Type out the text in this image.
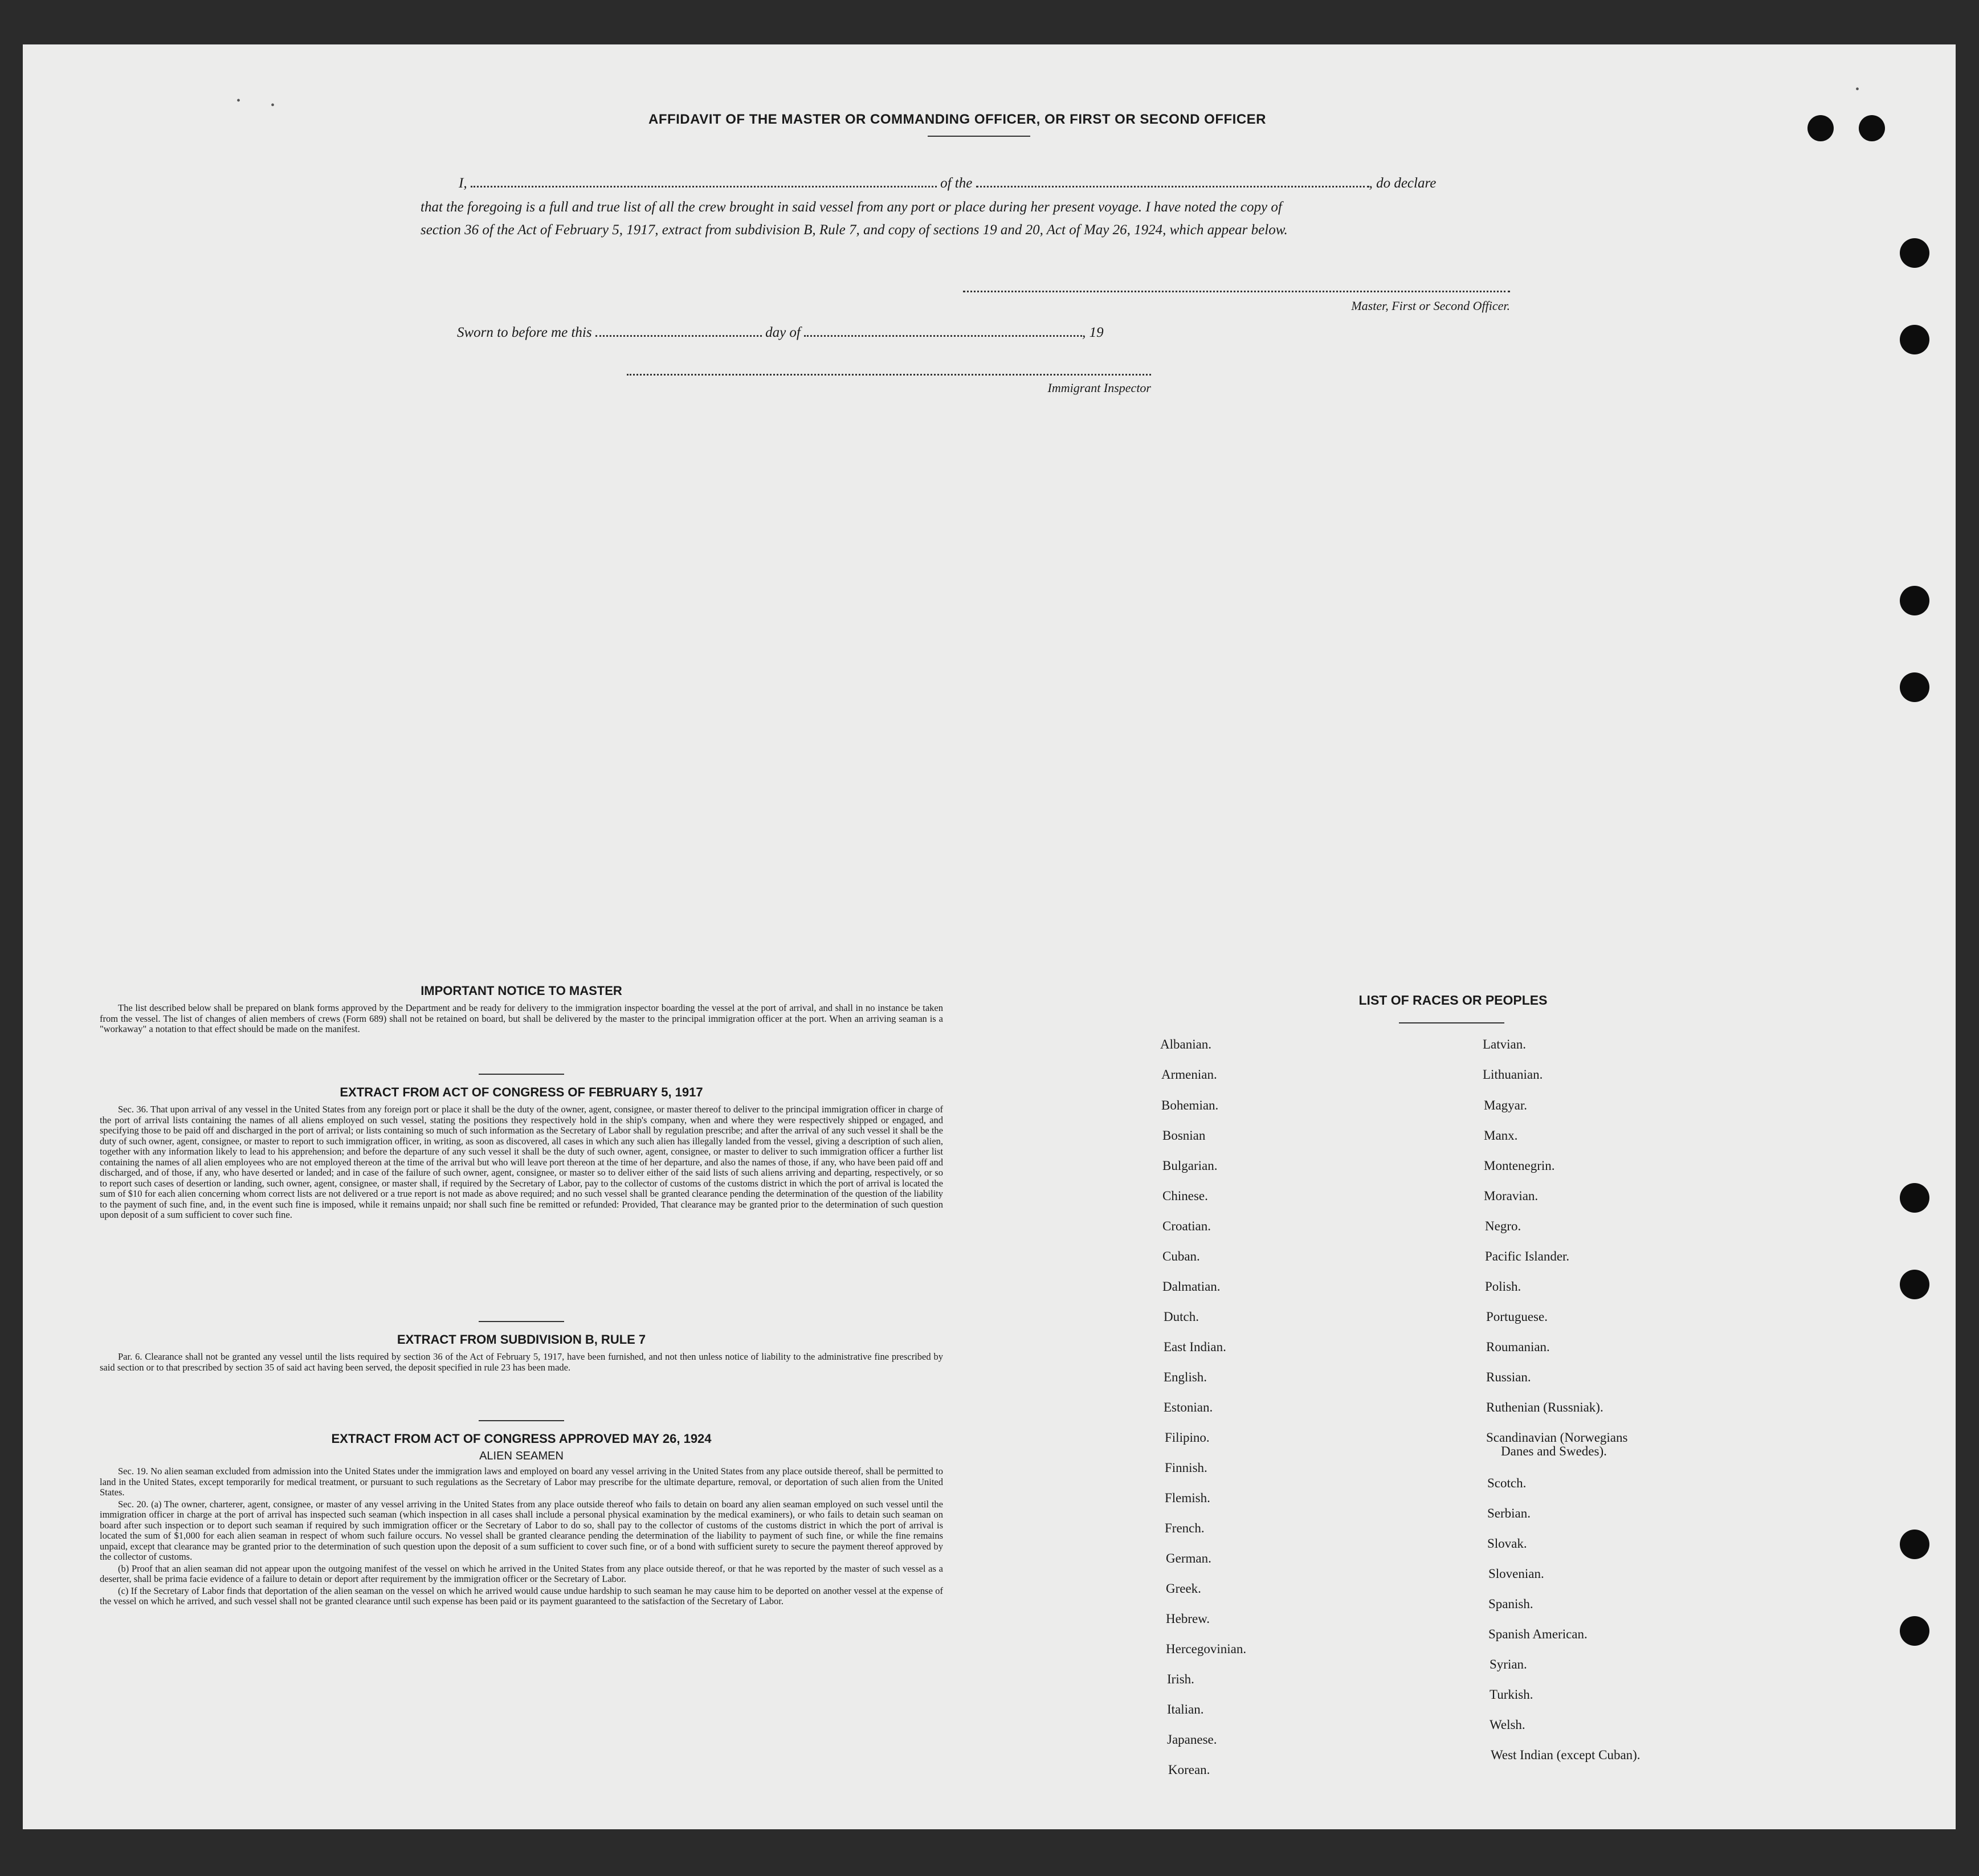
•	•
•
AFFIDAVIT OF THE MASTER OR COMMANDING OFFICER, OR FIRST OR SECOND OFFICER
I,	of the	, do declare
that the foregoing is a full and true list of all the crew brought in said vessel from any port or place during her present voyage. I have noted the copy of
section 36 of the Act of February 5, 1917, extract from subdivision B, Rule 7, and copy of sections 19 and 20, Act of May 26, 1924, which appear below.
Master, First or Second Officer.
Sworn to before me this	day of	, 19
Immigrant Inspector
IMPORTANT NOTICE TO MASTER

The list described below shall be prepared on blank forms approved by the Department and be ready for delivery to the immigration inspector boarding the vessel at the port of arrival, and shall in no instance be taken from the vessel. The list of changes of alien members of crews (Form 689) shall not be retained on board, but shall be delivered by the master to the principal immigration officer at the port. When an arriving seaman is a "workaway" a notation to that effect should be made on the manifest.

EXTRACT FROM ACT OF CONGRESS OF FEBRUARY 5, 1917

Sec. 36. That upon arrival of any vessel in the United States from any foreign port or place it shall be the duty of the owner, agent, consignee, or master thereof to deliver to the principal immigration officer in charge of the port of arrival lists containing the names of all aliens employed on such vessel, stating the positions they respectively hold in the ship's company, when and where they were respectively shipped or engaged, and specifying those to be paid off and discharged in the port of arrival; or lists containing so much of such information as the Secretary of Labor shall by regulation prescribe; and after the arrival of any such vessel it shall be the duty of such owner, agent, consignee, or master to report to such immigration officer, in writing, as soon as discovered, all cases in which any such alien has illegally landed from the vessel, giving a description of such alien, together with any information likely to lead to his apprehension; and before the departure of any such vessel it shall be the duty of such owner, agent, consignee, or master to deliver to such immigration officer a further list containing the names of all alien employees who are not employed thereon at the time of the arrival but who will leave port thereon at the time of her departure, and also the names of those, if any, who have been paid off and discharged, and of those, if any, who have deserted or landed; and in case of the failure of such owner, agent, consignee, or master so to deliver either of the said lists of such aliens arriving and departing, respectively, or so to report such cases of desertion or landing, such owner, agent, consignee, or master shall, if required by the Secretary of Labor, pay to the collector of customs of the customs district in which the port of arrival is located the sum of $10 for each alien concerning whom correct lists are not delivered or a true report is not made as above required; and no such vessel shall be granted clearance pending the determination of the question of the liability to the payment of such fine, and, in the event such fine is imposed, while it remains unpaid; nor shall such fine be remitted or refunded: Provided, That clearance may be granted prior to the determination of such question upon deposit of a sum sufficient to cover such fine.

EXTRACT FROM SUBDIVISION B, RULE 7

Par. 6. Clearance shall not be granted any vessel until the lists required by section 36 of the Act of February 5, 1917, have been furnished, and not then unless notice of liability to the administrative fine prescribed by said section or to that prescribed by section 35 of said act having been served, the deposit specified in rule 23 has been made.

EXTRACT FROM ACT OF CONGRESS APPROVED MAY 26, 1924
ALIEN SEAMEN

Sec. 19. No alien seaman excluded from admission into the United States under the immigration laws and employed on board any vessel arriving in the United States from any place outside thereof, shall be permitted to land in the United States, except temporarily for medical treatment, or pursuant to such regulations as the Secretary of Labor may prescribe for the ultimate departure, removal, or deportation of such alien from the United States.

Sec. 20. (a) The owner, charterer, agent, consignee, or master of any vessel arriving in the United States from any place outside thereof who fails to detain on board any alien seaman employed on such vessel until the immigration officer in charge at the port of arrival has inspected such seaman (which inspection in all cases shall include a personal physical examination by the medical examiners), or who fails to detain such seaman on board after such inspection or to deport such seaman if required by such immigration officer or the Secretary of Labor to do so, shall pay to the collector of customs of the customs district in which the port of arrival is located the sum of $1,000 for each alien seaman in respect of whom such failure occurs. No vessel shall be granted clearance pending the determination of the liability to payment of such fine, or while the fine remains unpaid, except that clearance may be granted prior to the determination of such question upon the deposit of a sum sufficient to cover such fine, or of a bond with sufficient surety to secure the payment thereof approved by the collector of customs.

(b) Proof that an alien seaman did not appear upon the outgoing manifest of the vessel on which he arrived in the United States from any place outside thereof, or that he was reported by the master of such vessel as a deserter, shall be prima facie evidence of a failure to detain or deport after requirement by the immigration officer or the Secretary of Labor.

(c) If the Secretary of Labor finds that deportation of the alien seaman on the vessel on which he arrived would cause undue hardship to such seaman he may cause him to be deported on another vessel at the expense of the vessel on which he arrived, and such vessel shall not be granted clearance until such expense has been paid or its payment guaranteed to the satisfaction of the Secretary of Labor.

LIST OF RACES OR PEOPLES
Albanian.
Armenian.
Bohemian.
Bosnian
Bulgarian.
Chinese.
Croatian.
Cuban.
Dalmatian.
Dutch.
East Indian.
English.
Estonian.
Filipino.
Finnish.
Flemish.
French.
German.
Greek.
Hebrew.
Hercegovinian.
Irish.
Italian.
Japanese.
Korean.
Latvian.
Lithuanian.
Magyar.
Manx.
Montenegrin.
Moravian.
Negro.
Pacific Islander.
Polish.
Portuguese.
Roumanian.
Russian.
Ruthenian (Russniak).
Scandinavian (Norwegians
Danes and Swedes).
Scotch.
Serbian.
Slovak.
Slovenian.
Spanish.
Spanish American.
Syrian.
Turkish.
Welsh.
West Indian (except Cuban).
